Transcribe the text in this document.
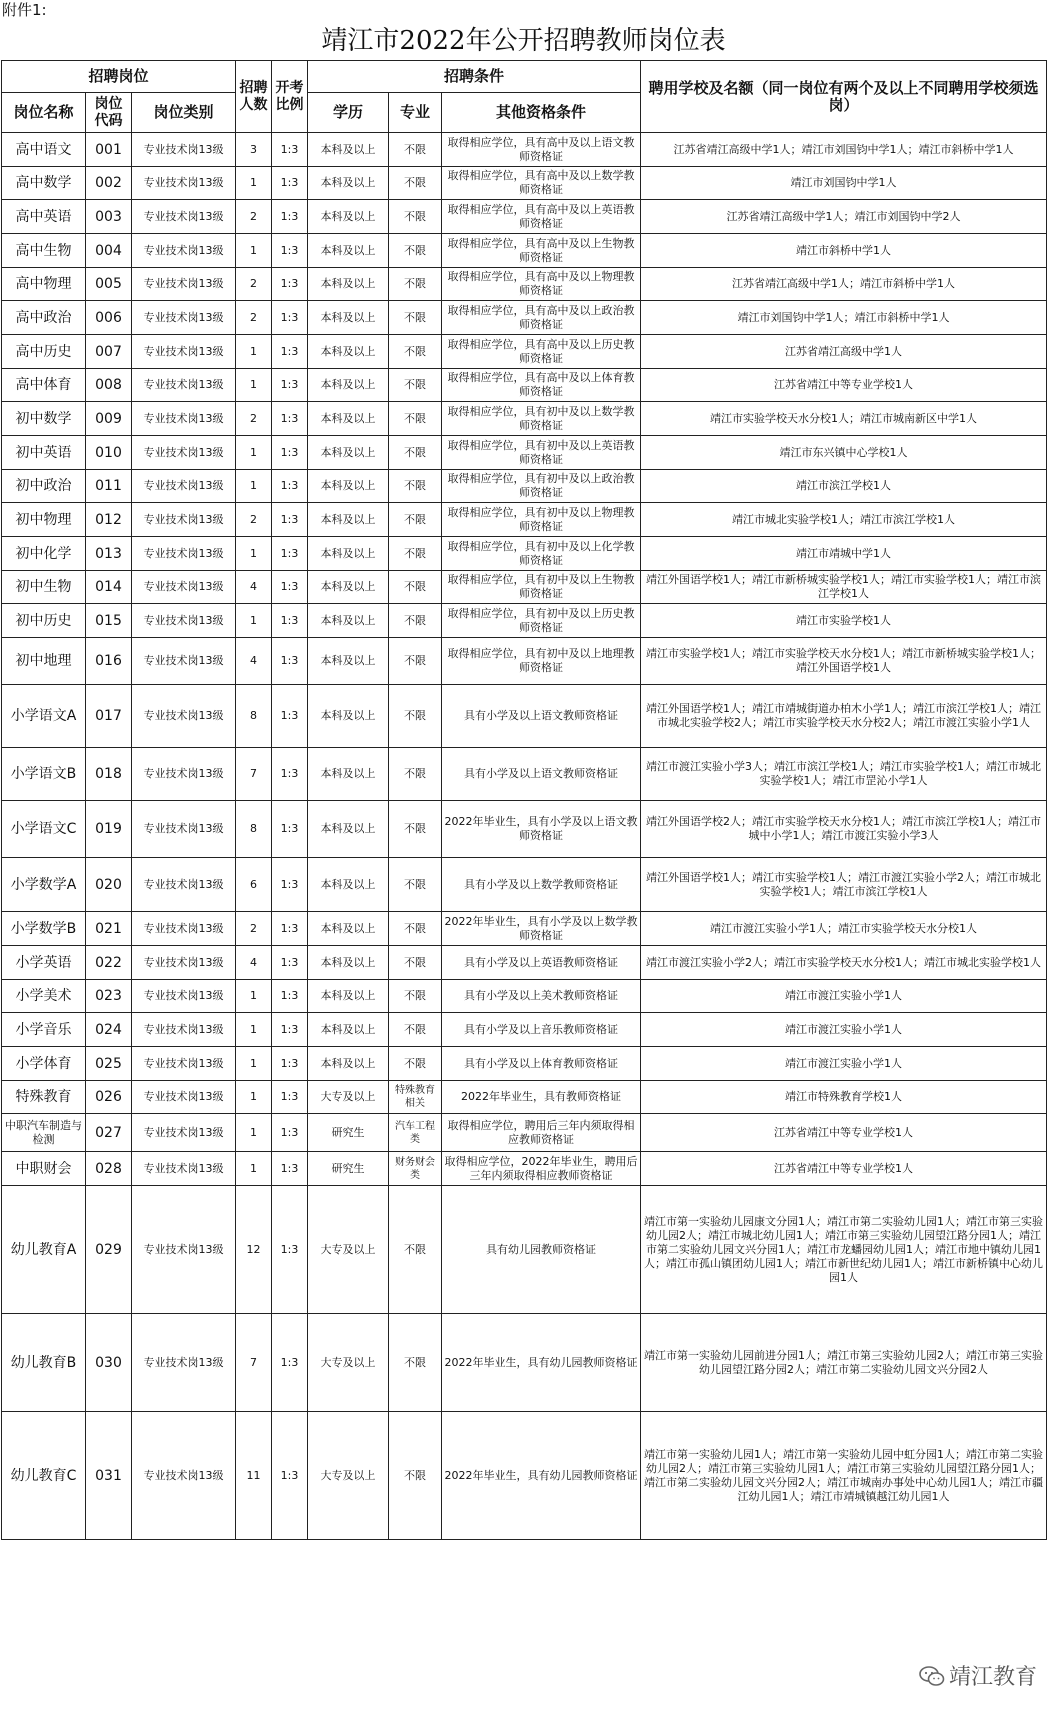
附件1:
靖江市2022年公开招聘教师岗位表
招聘岗位			招聘人数	开考比例	招聘条件			聘用学校及名额（同一岗位有两个及以上不同聘用学校须选岗）
岗位名称	岗位代码	岗位类别			学历	专业	其他资格条件	
高中语文	001	专业技术岗13级	3	1:3	本科及以上	不限	取得相应学位，具有高中及以上语文教师资格证	江苏省靖江高级中学1人；靖江市刘国钧中学1人；靖江市斜桥中学1人
高中数学	002	专业技术岗13级	1	1:3	本科及以上	不限	取得相应学位，具有高中及以上数学教师资格证	靖江市刘国钧中学1人
高中英语	003	专业技术岗13级	2	1:3	本科及以上	不限	取得相应学位，具有高中及以上英语教师资格证	江苏省靖江高级中学1人；靖江市刘国钧中学2人
高中生物	004	专业技术岗13级	1	1:3	本科及以上	不限	取得相应学位，具有高中及以上生物教师资格证	靖江市斜桥中学1人
高中物理	005	专业技术岗13级	2	1:3	本科及以上	不限	取得相应学位，具有高中及以上物理教师资格证	江苏省靖江高级中学1人；靖江市斜桥中学1人
高中政治	006	专业技术岗13级	2	1:3	本科及以上	不限	取得相应学位，具有高中及以上政治教师资格证	靖江市刘国钧中学1人；靖江市斜桥中学1人
高中历史	007	专业技术岗13级	1	1:3	本科及以上	不限	取得相应学位，具有高中及以上历史教师资格证	江苏省靖江高级中学1人
高中体育	008	专业技术岗13级	1	1:3	本科及以上	不限	取得相应学位，具有高中及以上体育教师资格证	江苏省靖江中等专业学校1人
初中数学	009	专业技术岗13级	2	1:3	本科及以上	不限	取得相应学位，具有初中及以上数学教师资格证	靖江市实验学校天水分校1人；靖江市城南新区中学1人
初中英语	010	专业技术岗13级	1	1:3	本科及以上	不限	取得相应学位，具有初中及以上英语教师资格证	靖江市东兴镇中心学校1人
初中政治	011	专业技术岗13级	1	1:3	本科及以上	不限	取得相应学位，具有初中及以上政治教师资格证	靖江市滨江学校1人
初中物理	012	专业技术岗13级	2	1:3	本科及以上	不限	取得相应学位，具有初中及以上物理教师资格证	靖江市城北实验学校1人；靖江市滨江学校1人
初中化学	013	专业技术岗13级	1	1:3	本科及以上	不限	取得相应学位，具有初中及以上化学教师资格证	靖江市靖城中学1人
初中生物	014	专业技术岗13级	4	1:3	本科及以上	不限	取得相应学位，具有初中及以上生物教师资格证	靖江外国语学校1人；靖江市新桥城实验学校1人；靖江市实验学校1人；靖江市滨江学校1人
初中历史	015	专业技术岗13级	1	1:3	本科及以上	不限	取得相应学位，具有初中及以上历史教师资格证	靖江市实验学校1人
初中地理	016	专业技术岗13级	4	1:3	本科及以上	不限	取得相应学位，具有初中及以上地理教师资格证	靖江市实验学校1人；靖江市实验学校天水分校1人；靖江市新桥城实验学校1人；靖江外国语学校1人
小学语文A	017	专业技术岗13级	8	1:3	本科及以上	不限	具有小学及以上语文教师资格证	靖江外国语学校1人；靖江市靖城街道办柏木小学1人；靖江市滨江学校1人；靖江市城北实验学校2人；靖江市实验学校天水分校2人；靖江市渡江实验小学1人
小学语文B	018	专业技术岗13级	7	1:3	本科及以上	不限	具有小学及以上语文教师资格证	靖江市渡江实验小学3人；靖江市滨江学校1人；靖江市实验学校1人；靖江市城北实验学校1人；靖江市罡沁小学1人
小学语文C	019	专业技术岗13级	8	1:3	本科及以上	不限	2022年毕业生，具有小学及以上语文教师资格证	靖江外国语学校2人；靖江市实验学校天水分校1人；靖江市滨江学校1人；靖江市城中小学1人；靖江市渡江实验小学3人
小学数学A	020	专业技术岗13级	6	1:3	本科及以上	不限	具有小学及以上数学教师资格证	靖江外国语学校1人；靖江市实验学校1人；靖江市渡江实验小学2人；靖江市城北实验学校1人；靖江市滨江学校1人
小学数学B	021	专业技术岗13级	2	1:3	本科及以上	不限	2022年毕业生，具有小学及以上数学教师资格证	靖江市渡江实验小学1人；靖江市实验学校天水分校1人
小学英语	022	专业技术岗13级	4	1:3	本科及以上	不限	具有小学及以上英语教师资格证	靖江市渡江实验小学2人；靖江市实验学校天水分校1人；靖江市城北实验学校1人
小学美术	023	专业技术岗13级	1	1:3	本科及以上	不限	具有小学及以上美术教师资格证	靖江市渡江实验小学1人
小学音乐	024	专业技术岗13级	1	1:3	本科及以上	不限	具有小学及以上音乐教师资格证	靖江市渡江实验小学1人
小学体育	025	专业技术岗13级	1	1:3	本科及以上	不限	具有小学及以上体育教师资格证	靖江市渡江实验小学1人
特殊教育	026	专业技术岗13级	1	1:3	大专及以上	特殊教育相关	2022年毕业生，具有教师资格证	靖江市特殊教育学校1人
中职汽车制造与检测	027	专业技术岗13级	1	1:3	研究生	汽车工程类	取得相应学位，聘用后三年内须取得相应教师资格证	江苏省靖江中等专业学校1人
中职财会	028	专业技术岗13级	1	1:3	研究生	财务财会类	取得相应学位，2022年毕业生，聘用后三年内须取得相应教师资格证	江苏省靖江中等专业学校1人
幼儿教育A	029	专业技术岗13级	12	1:3	大专及以上	不限	具有幼儿园教师资格证	靖江市第一实验幼儿园康文分园1人；靖江市第二实验幼儿园1人；靖江市第三实验幼儿园2人；靖江市城北幼儿园1人；靖江市第三实验幼儿园望江路分园1人；靖江市第二实验幼儿园文兴分园1人；靖江市龙蟠园幼儿园1人；靖江市地中镇幼儿园1人；靖江市孤山镇团幼儿园1人；靖江市新世纪幼儿园1人；靖江市新桥镇中心幼儿园1人
幼儿教育B	030	专业技术岗13级	7	1:3	大专及以上	不限	2022年毕业生，具有幼儿园教师资格证	靖江市第一实验幼儿园前进分园1人；靖江市第三实验幼儿园2人；靖江市第三实验幼儿园望江路分园2人；靖江市第二实验幼儿园文兴分园2人
幼儿教育C	031	专业技术岗13级	11	1:3	大专及以上	不限	2022年毕业生，具有幼儿园教师资格证	靖江市第一实验幼儿园1人；靖江市第一实验幼儿园中虹分园1人；靖江市第二实验幼儿园2人；靖江市第三实验幼儿园1人；靖江市第三实验幼儿园望江路分园1人；靖江市第二实验幼儿园文兴分园2人；靖江市城南办事处中心幼儿园1人；靖江市疆江幼儿园1人；靖江市靖城镇越江幼儿园1人
靖江教育
